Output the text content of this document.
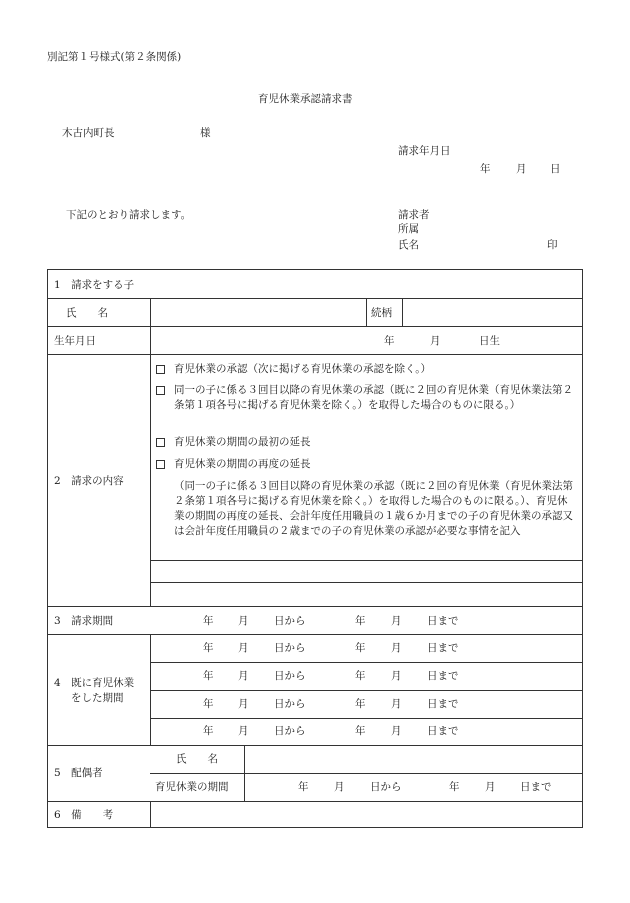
別記第１号様式(第２条関係)
育児休業承認請求書
木古内町長	様
請求年月日
年 月 日
下記のとおり請求します。	請求者
所属
氏名	印
1　請求をする子
氏　　名	続柄
生年月日	年	月	日生
2　請求の内容
育児休業の承認（次に掲げる育児休業の承認を除く。）
同一の子に係る３回目以降の育児休業の承認（既に２回の育児休業（育児休業法第２条第１項各号に掲げる育児休業を除く。）を取得した場合のものに限る。）
育児休業の期間の最初の延長
育児休業の期間の再度の延長
（同一の子に係る３回目以降の育児休業の承認（既に２回の育児休業（育児休業法第２条第１項各号に掲げる育児休業を除く。）を取得した場合のものに限る。）、育児休業の期間の再度の延長、会計年度任用職員の１歳６か月までの子の育児休業の承認又は会計年度任用職員の２歳までの子の育児休業の承認が必要な事情を記入
3　請求期間	年 月 日から	年 月 日まで
4　既に育児休業
をした期間
年 月 日から	年 月 日まで
年 月 日から	年 月 日まで
年 月 日から	年 月 日まで
年 月 日から	年 月 日まで
5　配偶者
氏　　名
育児休業の期間	年 月 日から	年 月 日まで
6　備　　考
